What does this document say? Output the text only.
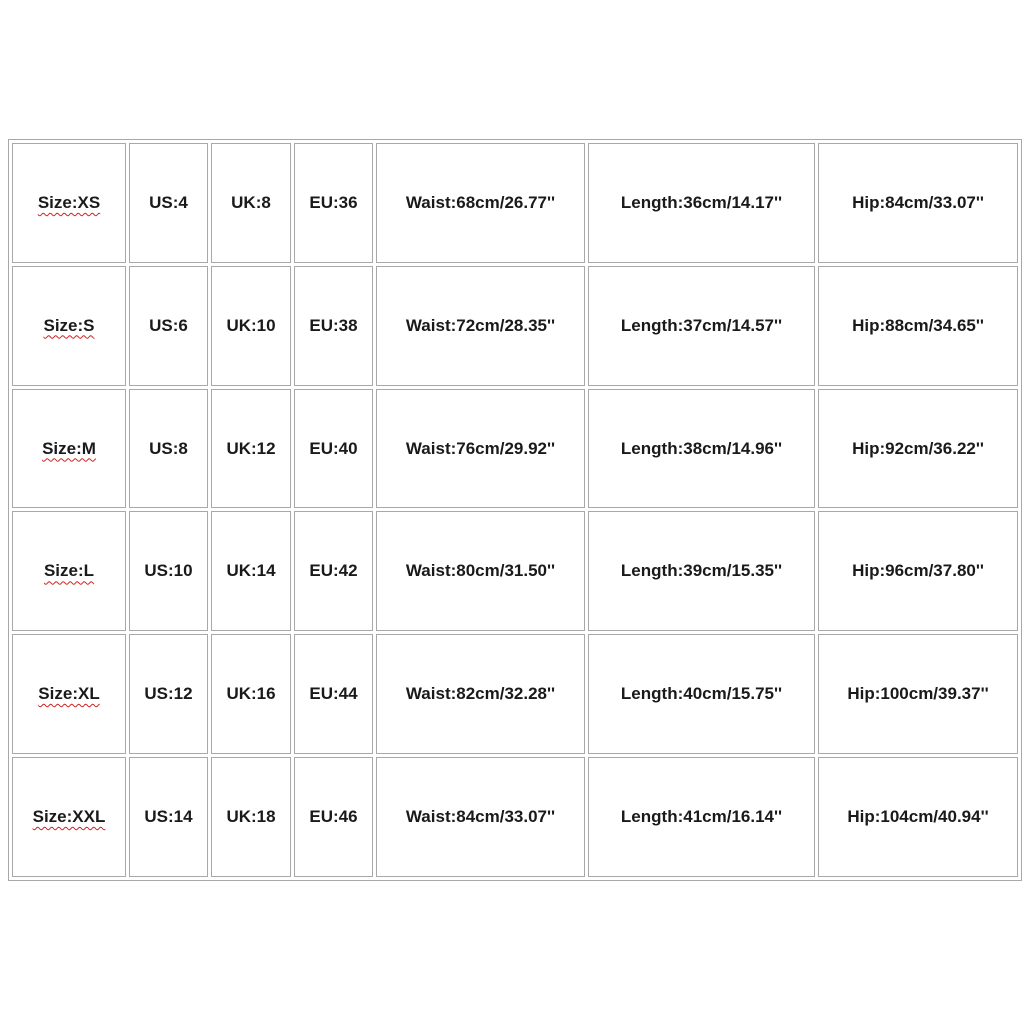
Size:XS	US:4	UK:8	EU:36	Waist:68cm/26.77''	Length:36cm/14.17''	Hip:84cm/33.07''
Size:S	US:6	UK:10	EU:38	Waist:72cm/28.35''	Length:37cm/14.57''	Hip:88cm/34.65''
Size:M	US:8	UK:12	EU:40	Waist:76cm/29.92''	Length:38cm/14.96''	Hip:92cm/36.22''
Size:L	US:10	UK:14	EU:42	Waist:80cm/31.50''	Length:39cm/15.35''	Hip:96cm/37.80''
Size:XL	US:12	UK:16	EU:44	Waist:82cm/32.28''	Length:40cm/15.75''	Hip:100cm/39.37''
Size:XXL	US:14	UK:18	EU:46	Waist:84cm/33.07''	Length:41cm/16.14''	Hip:104cm/40.94''
